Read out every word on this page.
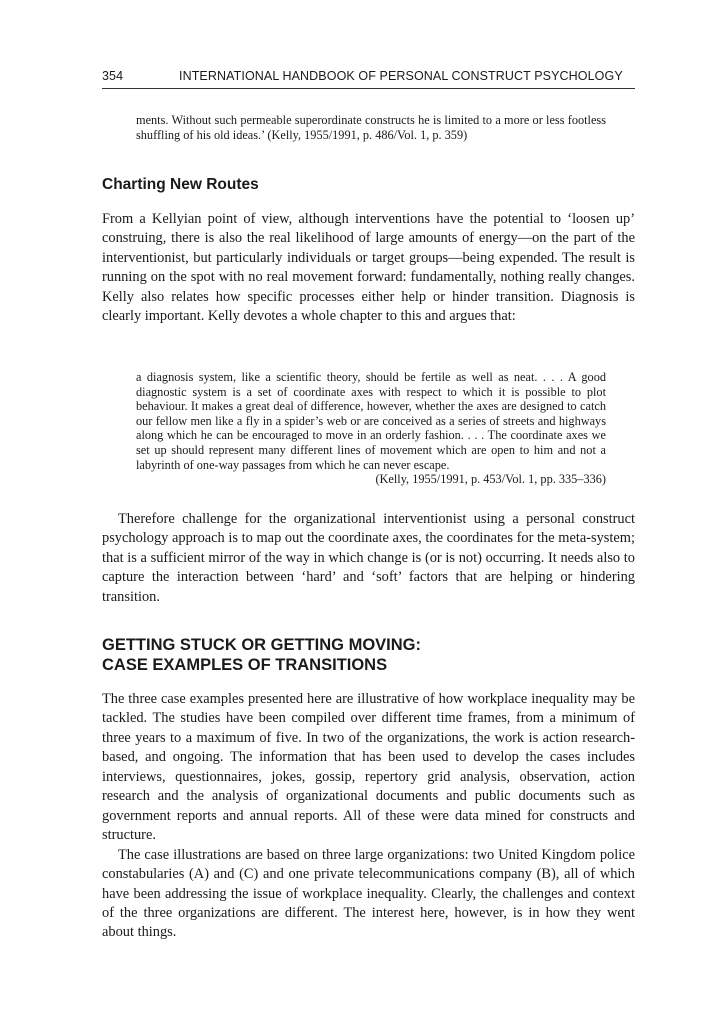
354	INTERNATIONAL HANDBOOK OF PERSONAL CONSTRUCT PSYCHOLOGY

ments. Without such permeable superordinate constructs he is limited to a more or less footless shuffling of his old ideas.’ (Kelly, 1955/1991, p. 486/Vol. 1, p. 359)

Charting New Routes

From a Kellyian point of view, although interventions have the potential to ‘loosen up’ construing, there is also the real likelihood of large amounts of energy—on the part of the interventionist, but particularly individuals or target groups—being expended. The result is running on the spot with no real movement forward: fundamentally, nothing really changes. Kelly also relates how specific processes either help or hinder transition. Diagnosis is clearly important. Kelly devotes a whole chapter to this and argues that:

a diagnosis system, like a scientific theory, should be fertile as well as neat. . . . A good diagnostic system is a set of coordinate axes with respect to which it is possible to plot behaviour. It makes a great deal of difference, however, whether the axes are designed to catch our fellow men like a fly in a spider’s web or are conceived as a series of streets and highways along which he can be encouraged to move in an orderly fashion. . . . The coordinate axes we set up should represent many different lines of movement which are open to him and not a labyrinth of one-way passages from which he can never escape.

(Kelly, 1955/1991, p. 453/Vol. 1, pp. 335–336)

Therefore challenge for the organizational interventionist using a personal construct psychology approach is to map out the coordinate axes, the coordinates for the meta-system; that is a sufficient mirror of the way in which change is (or is not) occurring. It needs also to capture the interaction between ‘hard’ and ‘soft’ factors that are helping or hindering transition.

GETTING STUCK OR GETTING MOVING:
CASE EXAMPLES OF TRANSITIONS

The three case examples presented here are illustrative of how workplace inequality may be tackled. The studies have been compiled over different time frames, from a minimum of three years to a maximum of five. In two of the organizations, the work is action research-based, and ongoing. The information that has been used to develop the cases includes interviews, questionnaires, jokes, gossip, repertory grid analysis, observation, action research and the analysis of organizational documents and public documents such as government reports and annual reports. All of these were data mined for constructs and structure.

The case illustrations are based on three large organizations: two United Kingdom police constabularies (A) and (C) and one private telecommunications company (B), all of which have been addressing the issue of workplace inequality. Clearly, the challenges and context of the three organizations are different. The interest here, however, is in how they went about things.
